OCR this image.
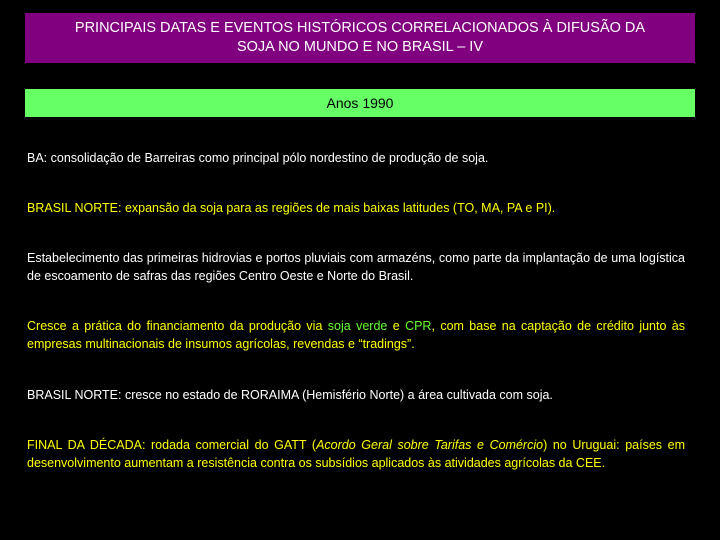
PRINCIPAIS DATAS E EVENTOS HISTÓRICOS CORRELACIONADOS À DIFUSÃO DA
SOJA NO MUNDO E NO BRASIL – IV
Anos 1990

BA: consolidação de Barreiras como principal pólo nordestino de produção de soja.

BRASIL NORTE: expansão da soja para as regiões de mais baixas latitudes (TO, MA, PA e PI).

Estabelecimento das primeiras hidrovias e portos pluviais com armazéns, como parte da implantação de uma logística de escoamento de safras das regiões Centro Oeste e Norte do Brasil.

Cresce a prática do financiamento da produção via soja verde e CPR, com base na captação de crédito junto às empresas multinacionais de insumos agrícolas, revendas e “tradings”.

BRASIL NORTE: cresce no estado de RORAIMA (Hemisfério Norte) a área cultivada com soja.

FINAL DA DÉCADA: rodada comercial do GATT (Acordo Geral sobre Tarifas e Comércio) no Uruguai: países em desenvolvimento aumentam a resistência contra os subsídios aplicados às atividades agrícolas da CEE.
